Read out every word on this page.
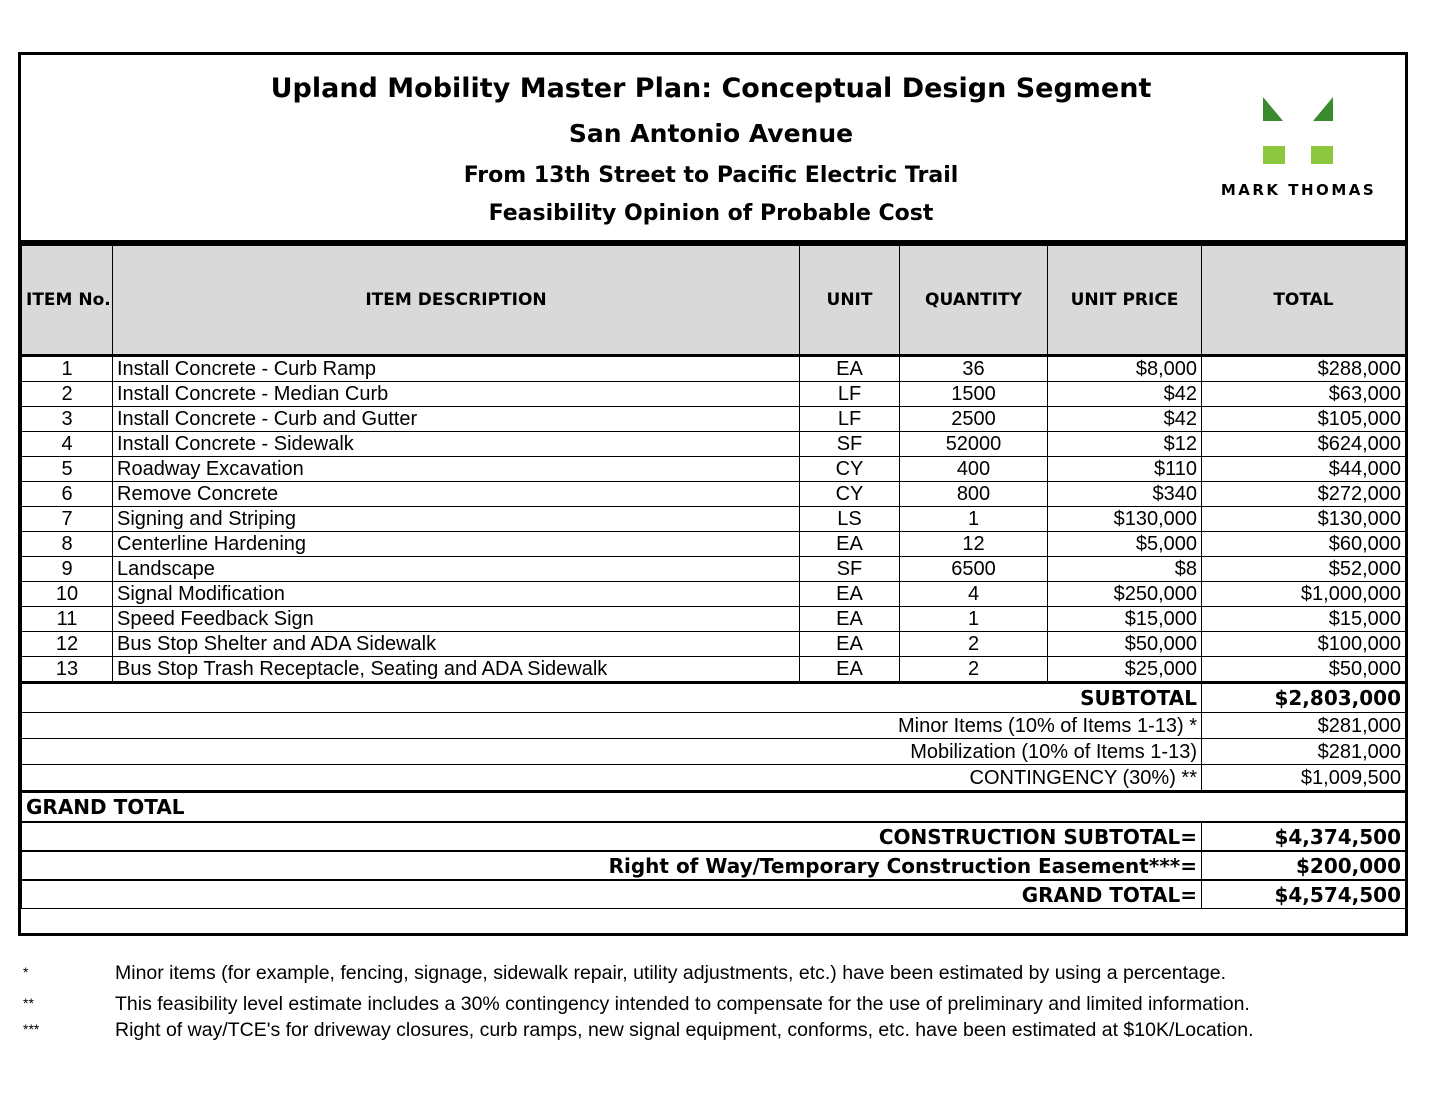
Upland Mobility Master Plan: Conceptual Design Segment
San Antonio Avenue
From 13th Street to Pacific Electric Trail
Feasibility Opinion of Probable Cost
MARK THOMAS
ITEM No.	ITEM DESCRIPTION	UNIT	QUANTITY	UNIT PRICE	TOTAL
1	Install Concrete - Curb Ramp	EA	36	$8,000	$288,000
2	Install Concrete - Median Curb	LF	1500	$42	$63,000
3	Install Concrete - Curb and Gutter	LF	2500	$42	$105,000
4	Install Concrete - Sidewalk	SF	52000	$12	$624,000
5	Roadway Excavation	CY	400	$110	$44,000
6	Remove Concrete	CY	800	$340	$272,000
7	Signing and Striping	LS	1	$130,000	$130,000
8	Centerline Hardening	EA	12	$5,000	$60,000
9	Landscape	SF	6500	$8	$52,000
10	Signal Modification	EA	4	$250,000	$1,000,000
11	Speed Feedback Sign	EA	1	$15,000	$15,000
12	Bus Stop Shelter and ADA Sidewalk	EA	2	$50,000	$100,000
13	Bus Stop Trash Receptacle, Seating and ADA Sidewalk	EA	2	$25,000	$50,000
SUBTOTAL					$2,803,000
Minor Items (10% of Items 1-13) *					$281,000
Mobilization (10% of Items 1-13)					$281,000
CONTINGENCY (30%) **					$1,009,500
GRAND TOTAL					
CONSTRUCTION SUBTOTAL=					$4,374,500
Right of Way/Temporary Construction Easement***=					$200,000
GRAND TOTAL=					$4,574,500
*	Minor items (for example, fencing, signage, sidewalk repair, utility adjustments, etc.) have been estimated by using a percentage.
**	This feasibility level estimate includes a 30% contingency intended to compensate for the use of preliminary and limited information.
***	Right of way/TCE's for driveway closures, curb ramps, new signal equipment, conforms, etc. have been estimated at $10K/Location.
